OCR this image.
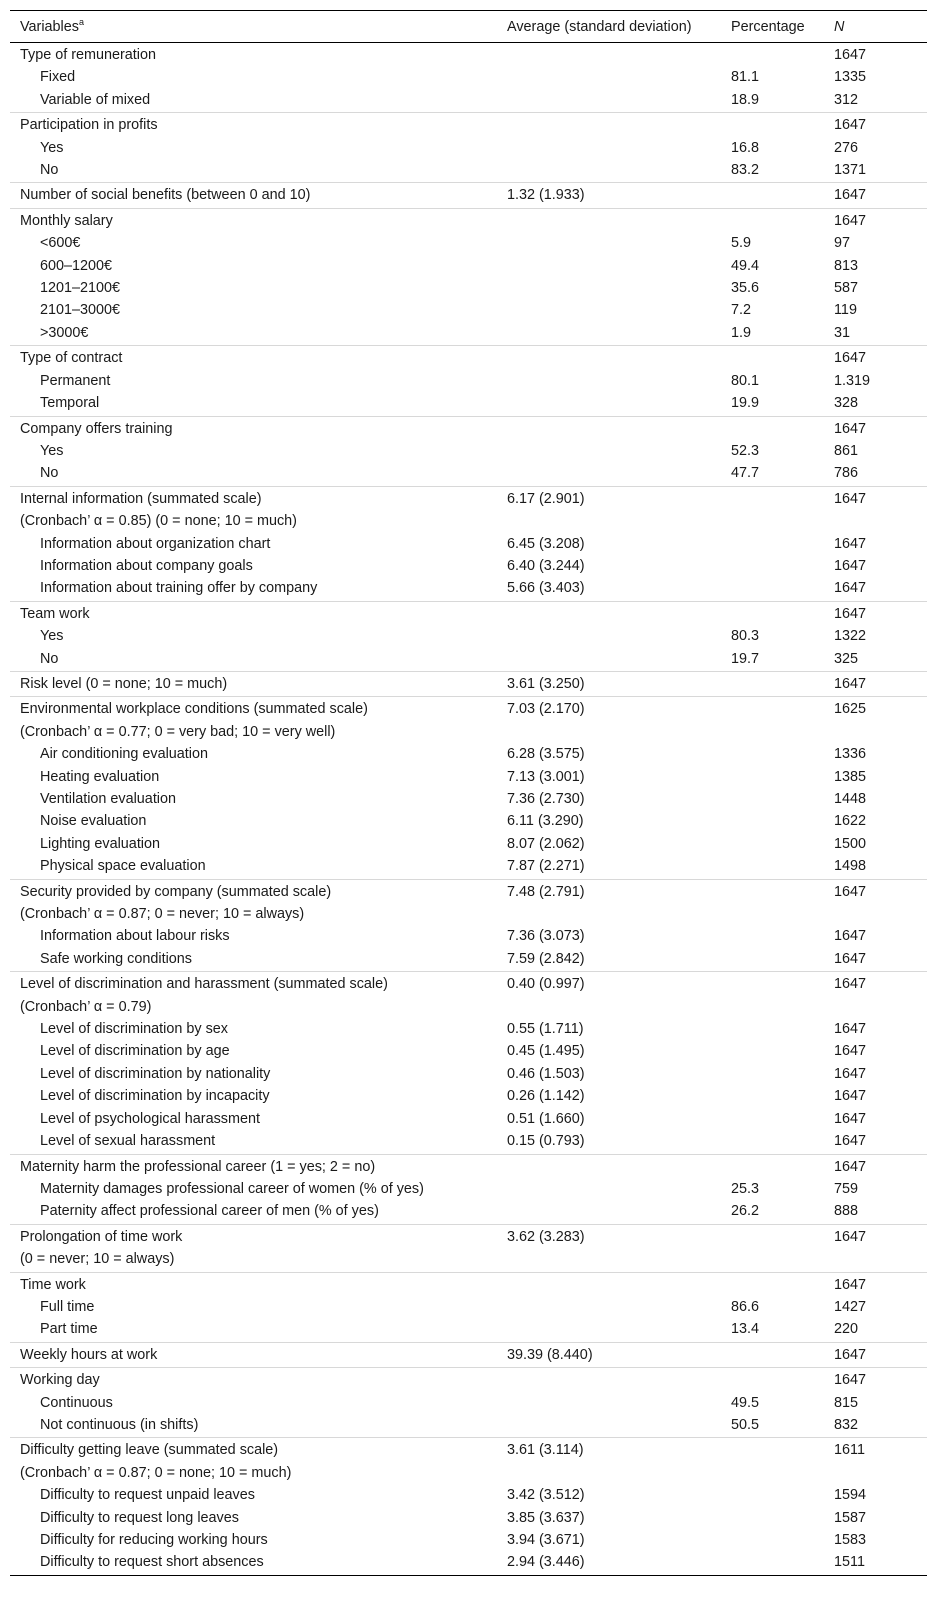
Variables$^a$	Average (standard deviation)	Percentage	N
Type of remuneration	1647
Fixed	81.1	1335
Variable of mixed	18.9	312
Participation in profits	1647
Yes	16.8	276
No	83.2	1371
Number of social benefits (between 0 and 10)	1.32 (1.933)	1647
Monthly salary	1647
<600€	5.9	97
600–1200€	49.4	813
1201–2100€	35.6	587
2101–3000€	7.2	119
>3000€	1.9	31
Type of contract	1647
Permanent	80.1	1.319
Temporal	19.9	328
Company offers training	1647
Yes	52.3	861
No	47.7	786
Internal information (summated scale)	6.17 (2.901)	1647
(Cronbach’ α = 0.85) (0 = none; 10 = much)
Information about organization chart	6.45 (3.208)	1647
Information about company goals	6.40 (3.244)	1647
Information about training offer by company	5.66 (3.403)	1647
Team work	1647
Yes	80.3	1322
No	19.7	325
Risk level (0 = none; 10 = much)	3.61 (3.250)	1647
Environmental workplace conditions (summated scale)	7.03 (2.170)	1625
(Cronbach’ α = 0.77; 0 = very bad; 10 = very well)
Air conditioning evaluation	6.28 (3.575)	1336
Heating evaluation	7.13 (3.001)	1385
Ventilation evaluation	7.36 (2.730)	1448
Noise evaluation	6.11 (3.290)	1622
Lighting evaluation	8.07 (2.062)	1500
Physical space evaluation	7.87 (2.271)	1498
Security provided by company (summated scale)	7.48 (2.791)	1647
(Cronbach’ α = 0.87; 0 = never; 10 = always)
Information about labour risks	7.36 (3.073)	1647
Safe working conditions	7.59 (2.842)	1647
Level of discrimination and harassment (summated scale)	0.40 (0.997)	1647
(Cronbach’ α = 0.79)
Level of discrimination by sex	0.55 (1.711)	1647
Level of discrimination by age	0.45 (1.495)	1647
Level of discrimination by nationality	0.46 (1.503)	1647
Level of discrimination by incapacity	0.26 (1.142)	1647
Level of psychological harassment	0.51 (1.660)	1647
Level of sexual harassment	0.15 (0.793)	1647
Maternity harm the professional career (1 = yes; 2 = no)	1647
Maternity damages professional career of women (% of yes)	25.3	759
Paternity affect professional career of men (% of yes)	26.2	888
Prolongation of time work	3.62 (3.283)	1647
(0 = never; 10 = always)
Time work	1647
Full time	86.6	1427
Part time	13.4	220
Weekly hours at work	39.39 (8.440)	1647
Working day	1647
Continuous	49.5	815
Not continuous (in shifts)	50.5	832
Difficulty getting leave (summated scale)	3.61 (3.114)	1611
(Cronbach’ α = 0.87; 0 = none; 10 = much)
Difficulty to request unpaid leaves	3.42 (3.512)	1594
Difficulty to request long leaves	3.85 (3.637)	1587
Difficulty for reducing working hours	3.94 (3.671)	1583
Difficulty to request short absences	2.94 (3.446)	1511
